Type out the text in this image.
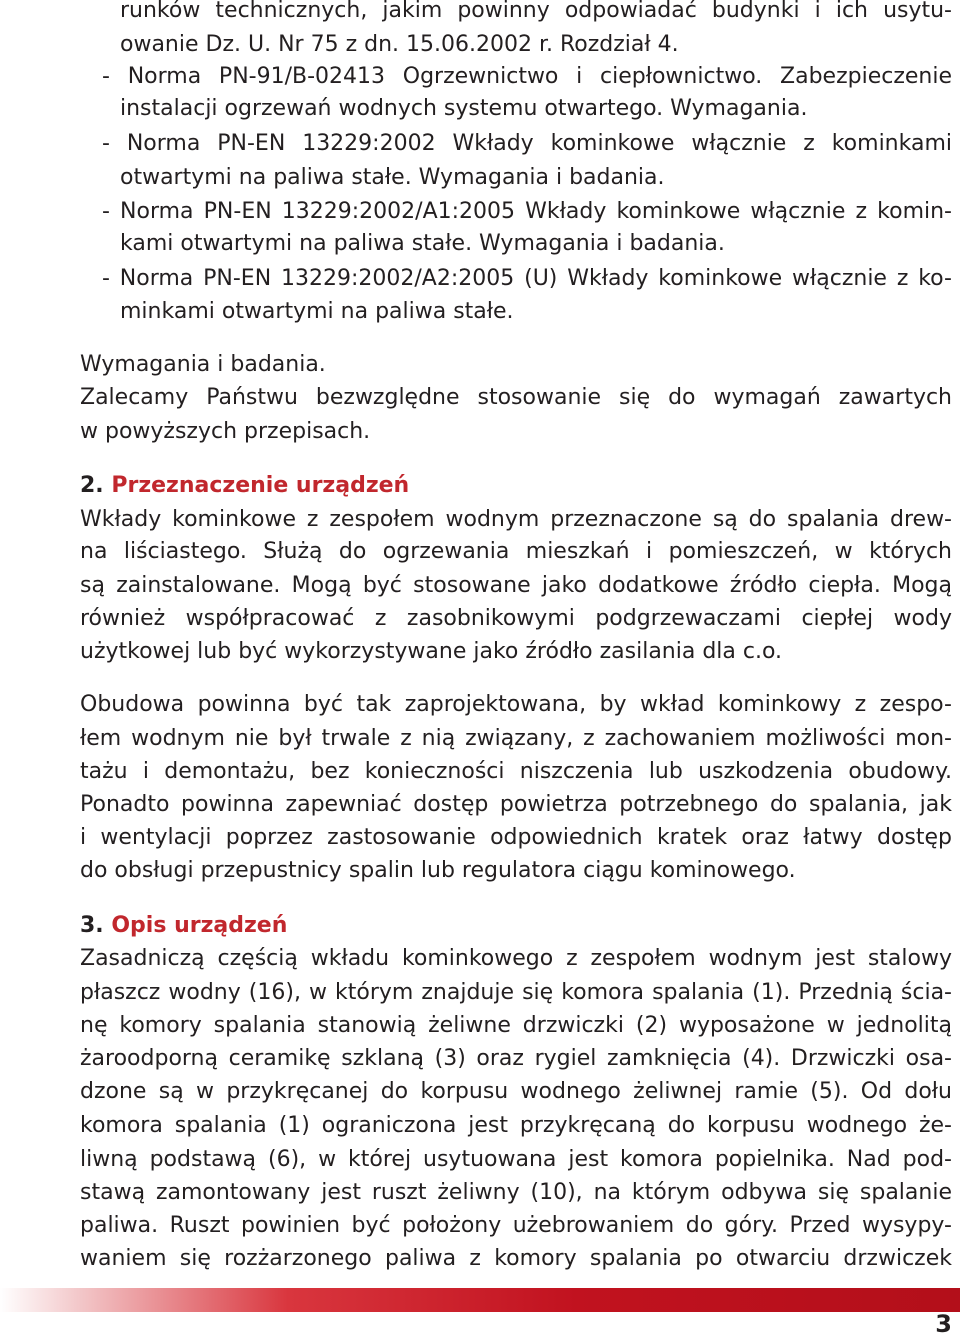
runków technicznych, jakim powinny odpowiadać budynki i ich usytu-
owanie Dz. U. Nr 75 z dn. 15.06.2002 r. Rozdział 4.
- Norma PN-91/B-02413 Ogrzewnictwo i ciepłownictwo. Zabezpieczenie
instalacji ogrzewań wodnych systemu otwartego. Wymagania.
- Norma PN-EN 13229:2002 Wkłady kominkowe włącznie z kominkami
otwartymi na paliwa stałe. Wymagania i badania.
- Norma PN-EN 13229:2002/A1:2005 Wkłady kominkowe włącznie z komin-
kami otwartymi na paliwa stałe. Wymagania i badania.
- Norma PN-EN 13229:2002/A2:2005 (U) Wkłady kominkowe włącznie z ko-
minkami otwartymi na paliwa stałe.
Wymagania i badania.
Zalecamy Państwu bezwzględne stosowanie się do wymagań zawartych
w powyższych przepisach.
2. Przeznaczenie urządzeń
Wkłady kominkowe z zespołem wodnym przeznaczone są do spalania drew-
na liściastego. Służą do ogrzewania mieszkań i pomieszczeń, w których
są zainstalowane. Mogą być stosowane jako dodatkowe źródło ciepła. Mogą
również współpracować z zasobnikowymi podgrzewaczami ciepłej wody
użytkowej lub być wykorzystywane jako źródło zasilania dla c.o.
Obudowa powinna być tak zaprojektowana, by wkład kominkowy z zespo-
łem wodnym nie był trwale z nią związany, z zachowaniem możliwości mon-
tażu i demontażu, bez konieczności niszczenia lub uszkodzenia obudowy.
Ponadto powinna zapewniać dostęp powietrza potrzebnego do spalania, jak
i wentylacji poprzez zastosowanie odpowiednich kratek oraz łatwy dostęp
do obsługi przepustnicy spalin lub regulatora ciągu kominowego.
3. Opis urządzeń
Zasadniczą częścią wkładu kominkowego z zespołem wodnym jest stalowy
płaszcz wodny (16), w którym znajduje się komora spalania (1). Przednią ścia-
nę komory spalania stanowią żeliwne drzwiczki (2) wyposażone w jednolitą
żaroodporną ceramikę szklaną (3) oraz rygiel zamknięcia (4). Drzwiczki osa-
dzone są w przykręcanej do korpusu wodnego żeliwnej ramie (5). Od dołu
komora spalania (1) ograniczona jest przykręcaną do korpusu wodnego że-
liwną podstawą (6), w której usytuowana jest komora popielnika. Nad pod-
stawą zamontowany jest ruszt żeliwny (10), na którym odbywa się spalanie
paliwa. Ruszt powinien być położony użebrowaniem do góry. Przed wysypy-
waniem się rozżarzonego paliwa z komory spalania po otwarciu drzwiczek
3
